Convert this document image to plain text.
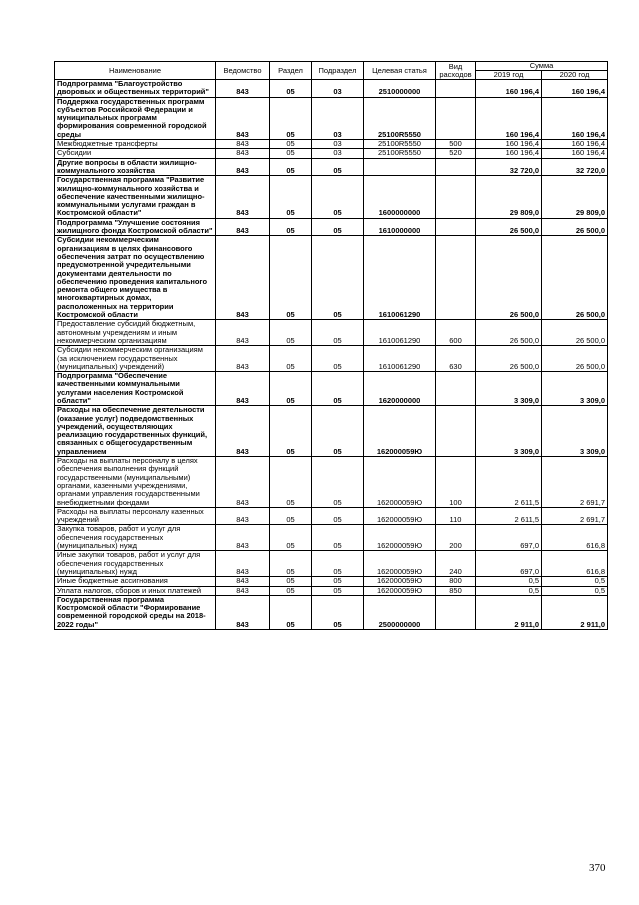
Наименование	Ведомство	Раздел	Подраздел	Целевая статья	Вид расходов	Сумма	
						2019 год	2020 год
Подпрограмма "Благоустройство дворовых и общественных территорий"	843	05	03	2510000000		160 196,4	160 196,4
Поддержка государственных программ субъектов Российской Федерации и муниципальных программ формирования современной городской среды	843	05	03	25100R5550		160 196,4	160 196,4
Межбюджетные трансферты	843	05	03	25100R5550	500	160 196,4	160 196,4
Субсидии	843	05	03	25100R5550	520	160 196,4	160 196,4
Другие вопросы в области жилищно-коммунального хозяйства	843	05	05			32 720,0	32 720,0
Государственная программа "Развитие жилищно-коммунального хозяйства и обеспечение качественными жилищно-коммунальными услугами граждан в Костромской области"	843	05	05	1600000000		29 809,0	29 809,0
Подпрограмма "Улучшение состояния жилищного фонда Костромской области"	843	05	05	1610000000		26 500,0	26 500,0
Субсидии некоммерческим организациям в целях финансового обеспечения затрат по осуществлению предусмотренной учредительными документами деятельности по обеспечению проведения капитального ремонта общего имущества в многоквартирных домах, расположенных на территории Костромской области	843	05	05	1610061290		26 500,0	26 500,0
Предоставление субсидий бюджетным, автономным учреждениям и иным некоммерческим организациям	843	05	05	1610061290	600	26 500,0	26 500,0
Субсидии некоммерческим организациям (за исключением государственных (муниципальных) учреждений)	843	05	05	1610061290	630	26 500,0	26 500,0
Подпрограмма "Обеспечение качественными коммунальными услугами населения Костромской области"	843	05	05	1620000000		3 309,0	3 309,0
Расходы на обеспечение деятельности (оказание услуг) подведомственных учреждений, осуществляющих реализацию государственных функций, связанных с общегосударственным управлением	843	05	05	162000059Ю		3 309,0	3 309,0
Расходы на выплаты персоналу в целях обеспечения выполнения функций государственными (муниципальными) органами, казенными учреждениями, органами управления государственными внебюджетными фондами	843	05	05	162000059Ю	100	2 611,5	2 691,7
Расходы на выплаты персоналу казенных учреждений	843	05	05	162000059Ю	110	2 611,5	2 691,7
Закупка товаров, работ и услуг для обеспечения государственных (муниципальных) нужд	843	05	05	162000059Ю	200	697,0	616,8
Иные закупки товаров, работ и услуг для обеспечения государственных (муниципальных) нужд	843	05	05	162000059Ю	240	697,0	616,8
Иные бюджетные ассигнования	843	05	05	162000059Ю	800	0,5	0,5
Уплата налогов, сборов и иных платежей	843	05	05	162000059Ю	850	0,5	0,5
Государственная программа Костромской области "Формирование современной городской среды на 2018-2022 годы"	843	05	05	2500000000		2 911,0	2 911,0
370
